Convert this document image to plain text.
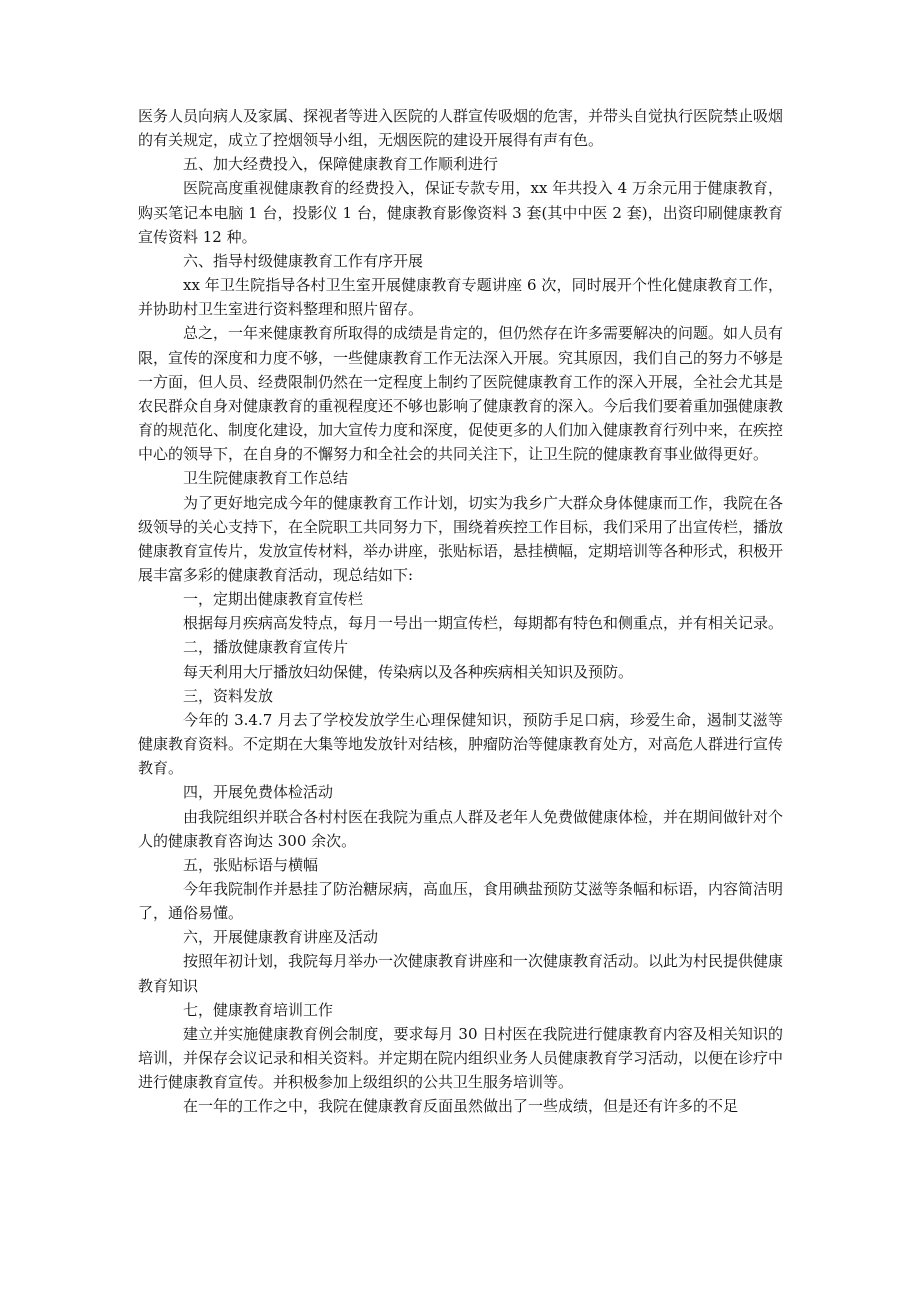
医务人员向病人及家属、探视者等进入医院的人群宣传吸烟的危害，并带头自觉执行医院禁止吸烟的有关规定，成立了控烟领导小组，无烟医院的建设开展得有声有色。

五、加大经费投入，保障健康教育工作顺利进行

医院高度重视健康教育的经费投入，保证专款专用，xx 年共投入 4 万余元用于健康教育，购买笔记本电脑 1 台，投影仪 1 台，健康教育影像资料 3 套(其中中医 2 套)，出资印刷健康教育宣传资料 12 种。

六、指导村级健康教育工作有序开展

xx 年卫生院指导各村卫生室开展健康教育专题讲座 6 次，同时展开个性化健康教育工作，并协助村卫生室进行资料整理和照片留存。

总之，一年来健康教育所取得的成绩是肯定的，但仍然存在许多需要解决的问题。如人员有限，宣传的深度和力度不够，一些健康教育工作无法深入开展。究其原因，我们自己的努力不够是一方面，但人员、经费限制仍然在一定程度上制约了医院健康教育工作的深入开展，全社会尤其是农民群众自身对健康教育的重视程度还不够也影响了健康教育的深入。今后我们要着重加强健康教育的规范化、制度化建设，加大宣传力度和深度，促使更多的人们加入健康教育行列中来，在疾控中心的领导下，在自身的不懈努力和全社会的共同关注下，让卫生院的健康教育事业做得更好。

卫生院健康教育工作总结

为了更好地完成今年的健康教育工作计划，切实为我乡广大群众身体健康而工作，我院在各级领导的关心支持下，在全院职工共同努力下，围绕着疾控工作目标，我们采用了出宣传栏，播放健康教育宣传片，发放宣传材料，举办讲座，张贴标语，悬挂横幅，定期培训等各种形式，积极开展丰富多彩的健康教育活动，现总结如下:

一，定期出健康教育宣传栏

根据每月疾病高发特点，每月一号出一期宣传栏，每期都有特色和侧重点，并有相关记录。

二，播放健康教育宣传片

每天利用大厅播放妇幼保健，传染病以及各种疾病相关知识及预防。

三，资料发放

今年的 3.4.7 月去了学校发放学生心理保健知识，预防手足口病，珍爱生命，遏制艾滋等健康教育资料。不定期在大集等地发放针对结核，肿瘤防治等健康教育处方，对高危人群进行宣传教育。

四，开展免费体检活动

由我院组织并联合各村村医在我院为重点人群及老年人免费做健康体检，并在期间做针对个人的健康教育咨询达 300 余次。

五，张贴标语与横幅

今年我院制作并悬挂了防治糖尿病，高血压，食用碘盐预防艾滋等条幅和标语，内容简洁明了，通俗易懂。

六，开展健康教育讲座及活动

按照年初计划，我院每月举办一次健康教育讲座和一次健康教育活动。以此为村民提供健康教育知识

七，健康教育培训工作

建立并实施健康教育例会制度，要求每月 30 日村医在我院进行健康教育内容及相关知识的培训，并保存会议记录和相关资料。并定期在院内组织业务人员健康教育学习活动，以便在诊疗中进行健康教育宣传。并积极参加上级组织的公共卫生服务培训等。

在一年的工作之中，我院在健康教育反面虽然做出了一些成绩，但是还有许多的不足
